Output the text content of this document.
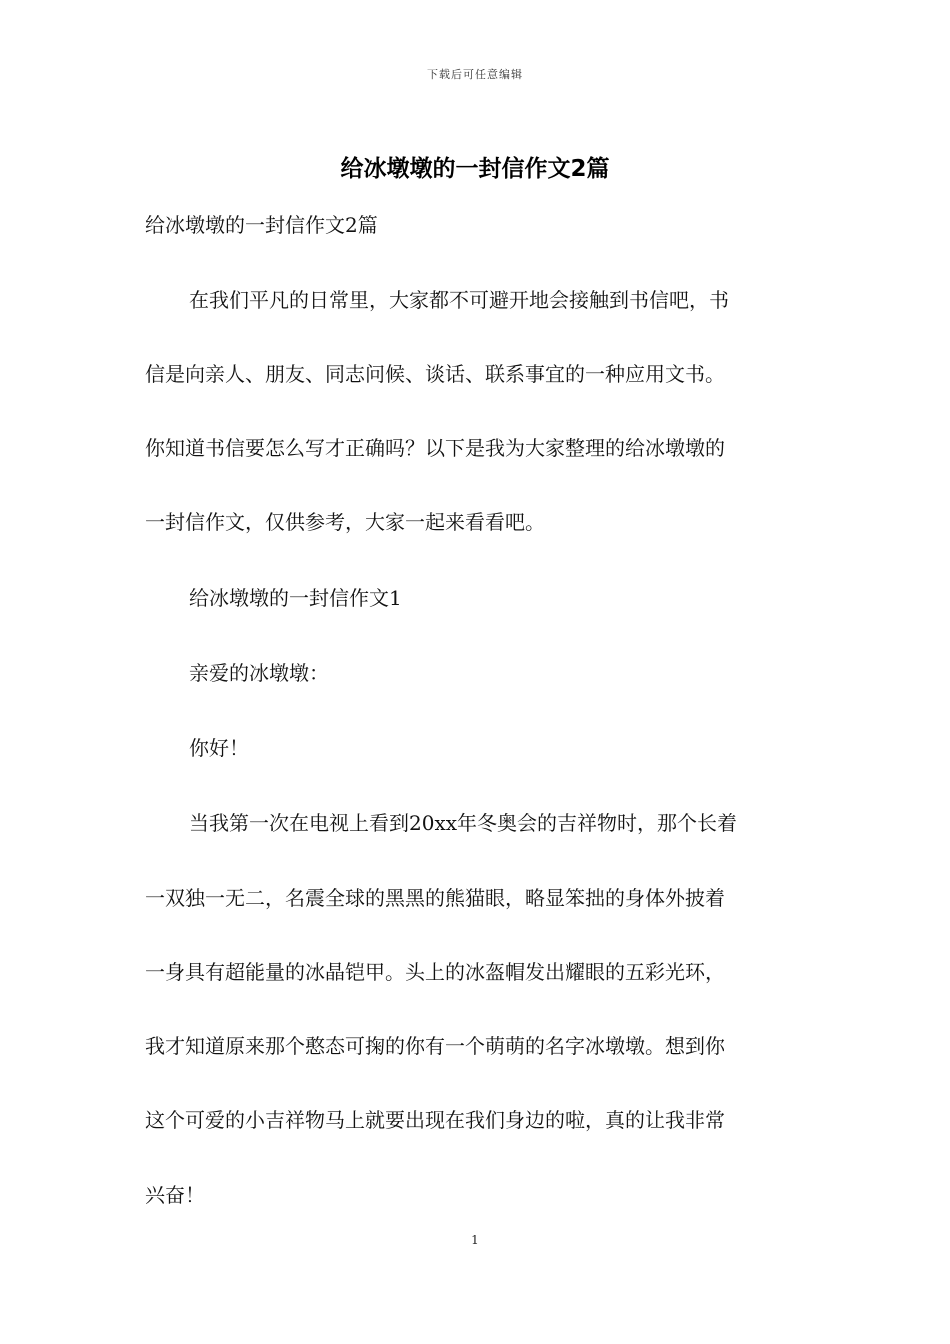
下载后可任意编辑
给冰墩墩的一封信作文2篇
给冰墩墩的一封信作文2篇
在我们平凡的日常里，大家都不可避开地会接触到书信吧，书
信是向亲人、朋友、同志问候、谈话、联系事宜的一种应用文书。
你知道书信要怎么写才正确吗？以下是我为大家整理的给冰墩墩的
一封信作文，仅供参考，大家一起来看看吧。
给冰墩墩的一封信作文1
亲爱的冰墩墩：
你好！
当我第一次在电视上看到20xx年冬奥会的吉祥物时，那个长着
一双独一无二，名震全球的黑黑的熊猫眼，略显笨拙的身体外披着
一身具有超能量的冰晶铠甲。头上的冰盔帽发出耀眼的五彩光环，
我才知道原来那个憨态可掬的你有一个萌萌的名字冰墩墩。想到你
这个可爱的小吉祥物马上就要出现在我们身边的啦，真的让我非常
兴奋！
1
